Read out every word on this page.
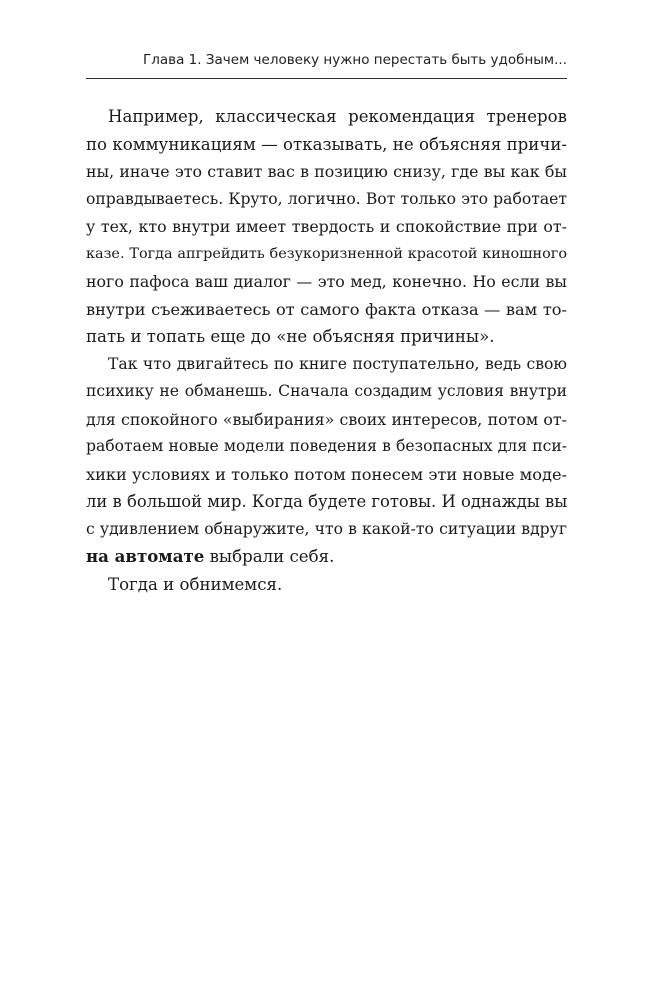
Глава 1. Зачем человеку нужно перестать быть удобным...
Например, классическая рекомендация тренеров
по коммуникациям — отказывать, не объясняя причи-
ны, иначе это ставит вас в позицию снизу, где вы как бы
оправдываетесь. Круто, логично. Вот только это работает
у тех, кто внутри имеет твердость и спокойствие при от-
казе. Тогда апгрейдить безукоризненной красотой киношного
ного пафоса ваш диалог — это мед, конечно. Но если вы
внутри съеживаетесь от самого факта отказа — вам то-
пать и топать еще до «не объясняя причины».
Так что двигайтесь по книге поступательно, ведь свою
психику не обманешь. Сначала создадим условия внутри
для спокойного «выбирания» своих интересов, потом от-
работаем новые модели поведения в безопасных для пси-
хики условиях и только потом понесем эти новые моде-
ли в большой мир. Когда будете готовы. И однажды вы
с удивлением обнаружите, что в какой-то ситуации вдруг
на автомате выбрали себя.
Тогда и обнимемся.
